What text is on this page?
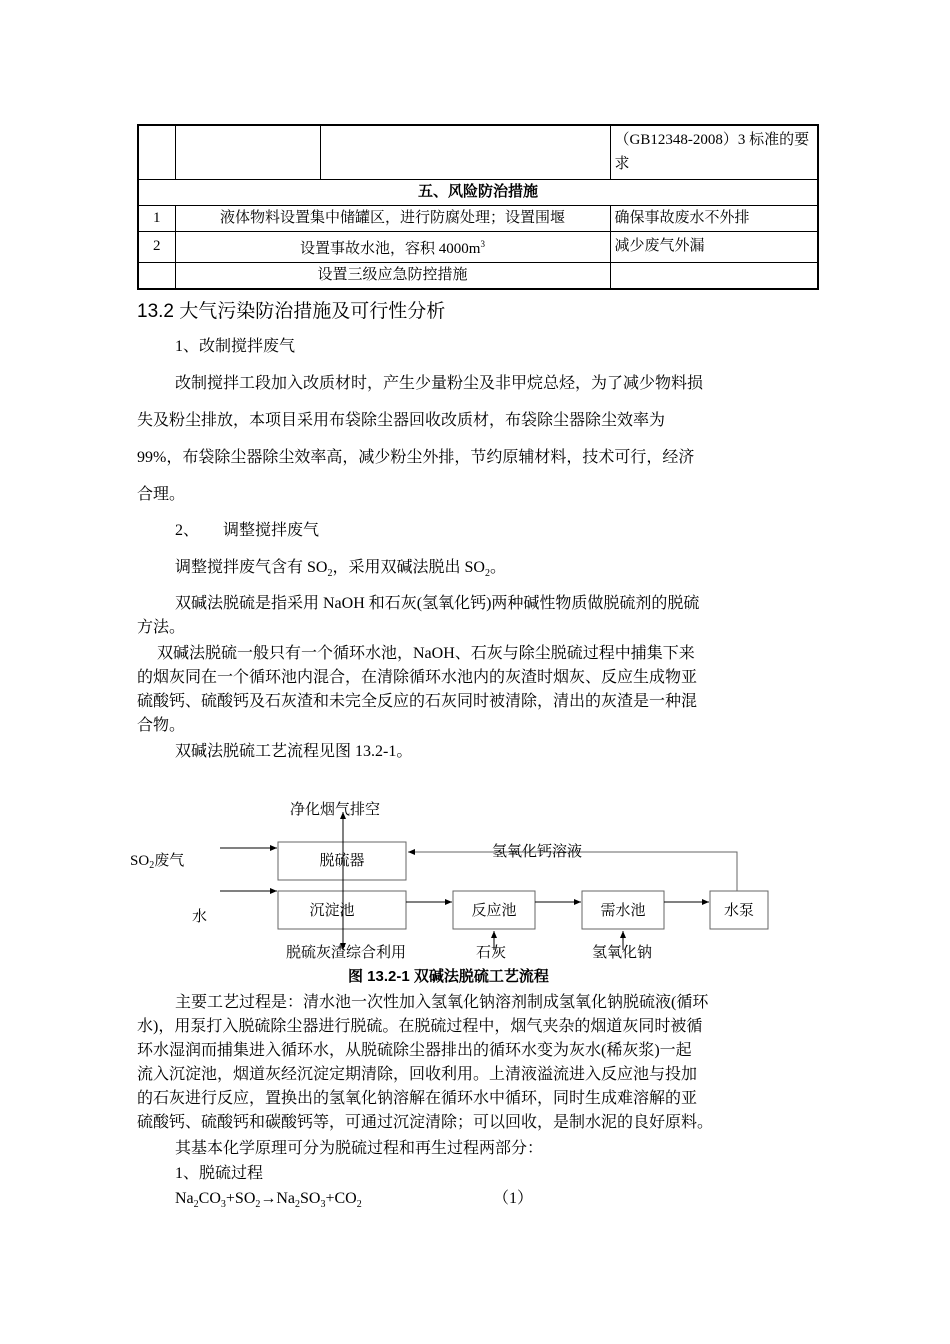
			（GB12348-2008）3 标准的要求
五、风险防治措施			
1	液体物料设置集中储罐区，进行防腐处理；设置围堰		确保事故废水不外排
2	设置事故水池，容积 $4000m^3$		减少废气外漏
	设置三级应急防控措施		
13.2 大气污染防治措施及可行性分析
1、改制搅拌废气
改制搅拌工段加入改质材时，产生少量粉尘及非甲烷总烃，为了减少物料损
失及粉尘排放，本项目采用布袋除尘器回收改质材，布袋除尘器除尘效率为
99%，布袋除尘器除尘效率高，减少粉尘外排，节约原辅材料，技术可行，经济
合理。
2、      调整搅拌废气
调整搅拌废气含有 $SO_2$，采用双碱法脱出 $SO_2$。
双碱法脱硫是指采用 NaOH 和石灰(氢氧化钙)两种碱性物质做脱硫剂的脱硫
方法。
双碱法脱硫一般只有一个循环水池，NaOH、石灰与除尘脱硫过程中捕集下来
的烟灰同在一个循环池内混合，在清除循环水池内的灰渣时烟灰、反应生成物亚
硫酸钙、硫酸钙及石灰渣和未完全反应的石灰同时被清除，清出的灰渣是一种混
合物。
双碱法脱硫工艺流程见图 13.2-1。
净化烟气排空
$SO_2$废气
水
脱硫器
沉淀池	反应池	需水池	水泵
氢氧化钙溶液
脱硫灰渣综合利用	石灰	氢氧化钠
图 13.2-1 双碱法脱硫工艺流程
主要工艺过程是：清水池一次性加入氢氧化钠溶剂制成氢氧化钠脱硫液(循环
水)，用泵打入脱硫除尘器进行脱硫。在脱硫过程中，烟气夹杂的烟道灰同时被循
环水湿润而捕集进入循环水，从脱硫除尘器排出的循环水变为灰水(稀灰浆)一起
流入沉淀池，烟道灰经沉淀定期清除，回收利用。上清液溢流进入反应池与投加
的石灰进行反应，置换出的氢氧化钠溶解在循环水中循环，同时生成难溶解的亚
硫酸钙、硫酸钙和碳酸钙等，可通过沉淀清除；可以回收，是制水泥的良好原料。
其基本化学原理可分为脱硫过程和再生过程两部分：
1、脱硫过程
$Na_2CO_3+SO_2\to Na_2SO_3+CO_2$	（1）
